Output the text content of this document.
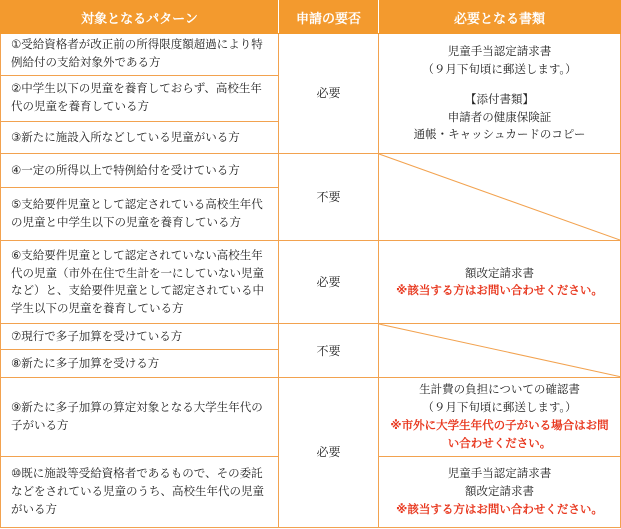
対象となるパターン	申請の要否	必要となる書類
①受給資格者が改正前の所得限度額超過により特例給付の支給対象外である方	必要	児童手当認定請求書
（９月下旬頃に郵送します。）
【添付書類】
申請者の健康保険証
通帳・キャッシュカードのコピー

②中学生以下の児童を養育しておらず、高校生年代の児童を養育している方		
③新たに施設入所などしている児童がいる方		
④一定の所得以上で特例給付を受けている方	不要	

⑤支給要件児童として認定されている高校生年代の児童と中学生以下の児童を養育している方		
⑥支給要件児童として認定されていない高校生年代の児童（市外在住で生計を一にしていない児童など）と、支給要件児童として認定されている中学生以下の児童を養育している方	必要	額改定請求書
※該当する方はお問い合わせください。

⑦現行で多子加算を受けている方	不要	

⑧新たに多子加算を受ける方		
⑨新たに多子加算の算定対象となる大学生年代の子がいる方	必要	生計費の負担についての確認書
（９月下旬頃に郵送します。）
※市外に大学生年代の子がいる場合はお問い合わせください。

⑩既に施設等受給資格者であるもので、その委託などをされている児童のうち、高校生年代の児童がいる方		児童手当認定請求書
額改定請求書
※該当する方はお問い合わせください。
